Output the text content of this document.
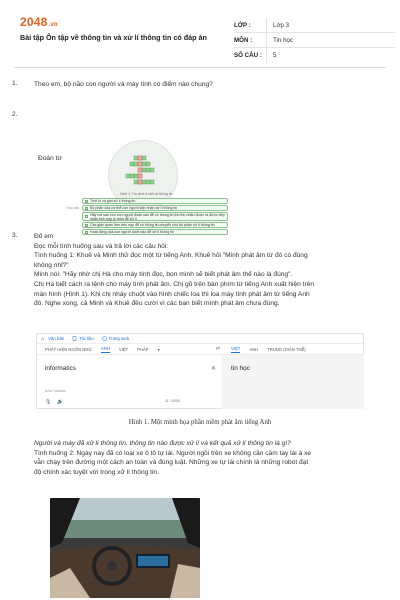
2048.vn
Bài tập Ôn tập về thông tin và xử lí thông tin có đáp án
LỚP :	Lớp 3
MÔN :	Tin học
SỐ CÂU :	5
1.	Theo em, bộ não con người và máy tính có điểm nào chung?

2.
Đoán từ
Hình 1. Trò chơi ô chữ về thông tin
Thời lô và giai xử lí thông tin
Bộ phận của cơ thể con người tiếp nhận xử lí thông tin
Hãy nói sau con con người đoàn sau để có thông tin thu thu nhận được ra được tiếp nhận tinh hợp lý thôn để xử lí
Các giác quan làm việc này để có thông tin chuyển cho bộ phận xử lí thông tin
Hoạt động của con người dưới nào để xử lí thông tin
ví dụ câu
3.	Đố em

Đọc mỗi tình huống sau và trả lời các câu hỏi:

Tình huống 1: Khuê và Minh thử đọc một từ tiếng Anh. Khuê hỏi "Minh phát âm từ đó có đúng

không nhỉ?"

Minh nói: "Hãy nhờ chị Hà cho máy tính đọc, bọn mình sẽ biết phát âm thế nào là đúng".

Chị Hà biết cách ra lệnh cho máy tính phát âm. Chị gõ trên bàn phím từ tiếng Anh xuất hiện trên

màn hình (Hình 1). Khi chị nháy chuột vào hình chiếc loa thì loa máy tính phát âm từ tiếng Anh

đó. Nghe xong, cả Minh và Khuê đều cười vì các bạn biết mình phát âm chưa đúng.

A Văn bản	Tài liệu	Trang web
PHÁT HIỆN NGÔN NGỮ ANH VIỆT PHÁP ▾	⇄	VIỆT ANH TRUNG (GIẢN THỂ)
informatics	✕
ɪnfərˈmadɪks
🎙 🔊	11 / 5000
tin học
Hình 1. Một minh họa phần mềm phát âm tiếng Anh

Người và máy đã xử lí thông tin, thông tin nào được xử lí và kết quả xử lí thông tin là gì?

Tình huống 2: Ngày nay đã có loại xe ô tô tự lái. Người ngồi trên xe không cần cầm tay lái à xe

vẫn chạy trên đường một cách an toàn và đúng luật. Những xe tự lái chính là những robot đạt

độ chính xác tuyệt vời trong xử lí thông tin.
